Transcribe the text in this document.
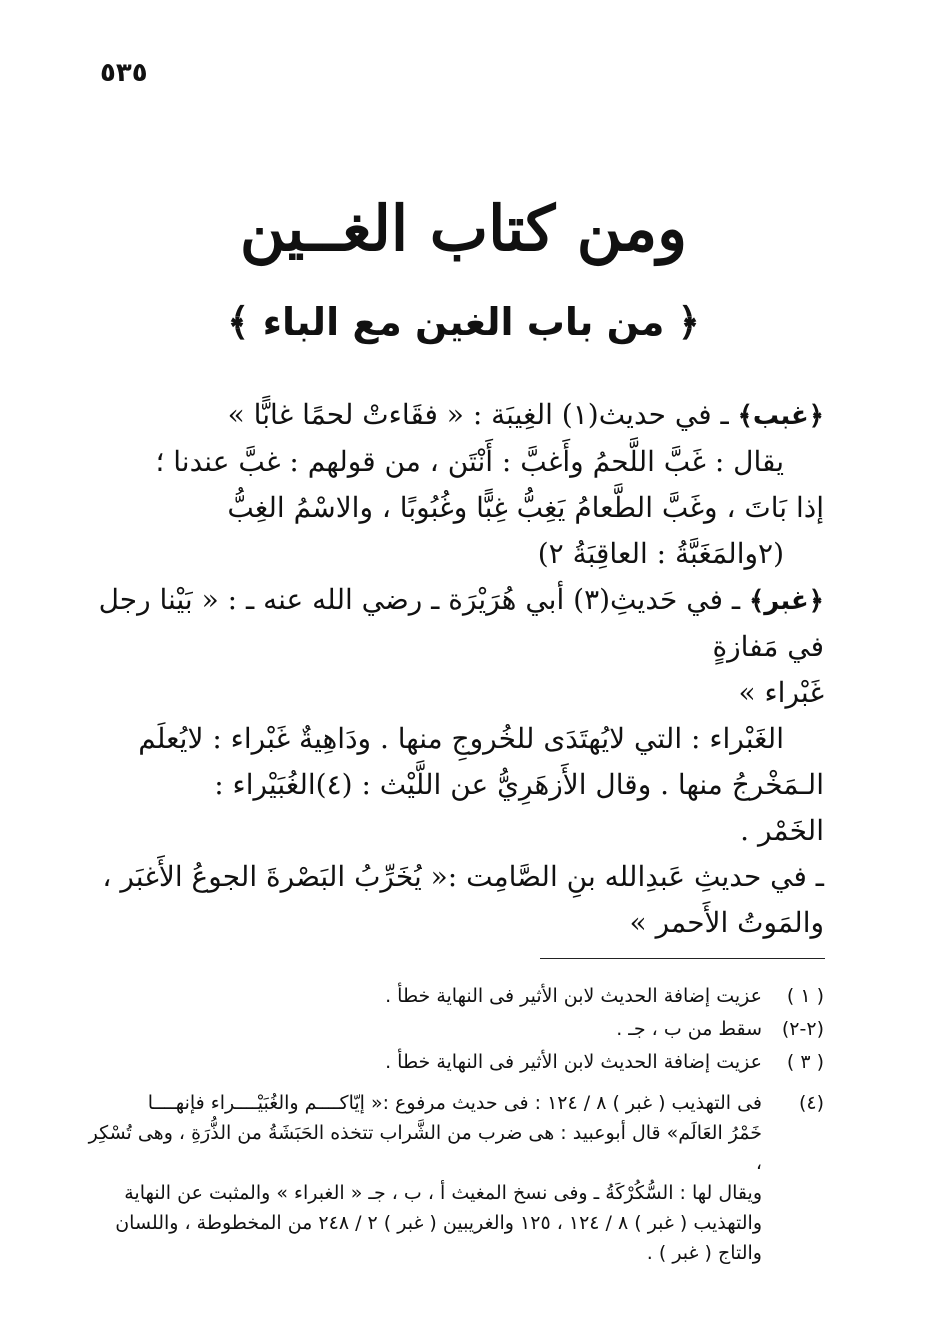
٥٣٥
ومن كتاب الغــين
﴿ من باب الغين مع الباء ﴾
﴿غبب﴾ ـ في حديث(١) الغِيبَة : « فقَاءتْ لحمًا غابًّا »
يقال : غَبَّ اللَّحمُ وأَغبَّ : أَنْتَن ، من قولهم : غبَّ عندنا ؛
إذا بَاتَ ، وغَبَّ الطَّعامُ يَغِبُّ غِبًّا وغُبُوبًا ، والاسْمُ الغِبُّ
(٢والمَغَبَّةُ : العاقِبَةُ ٢)
﴿غبر﴾ ـ في حَديثِ(٣) أبي هُرَيْرَة ـ رضي الله عنه ـ : « بَيْنا رجل في مَفازةٍ
غَبْراء »
الغَبْراء : التي لايُهتَدَى للخُروجِ منها . ودَاهِيةٌ غَبْراء : لايُعلَم
الـمَخْرجُ منها . وقال الأَزهَرِيُّ عن اللَّيْث : (٤)الغُبَيْراء :
الخَمْر .
ـ في حديثِ عَبدِالله بنِ الصَّامِت :« يُخَرِّبُ البَصْرةَ الجوعُ الأَغبَر ،
والمَوتُ الأَحمر »
( ١ )
عزيت إضافة الحديث لابن الأثير فى النهاية خطأ .
(٢-٢)
سقط من ب ، جـ .
( ٣ )
عزيت إضافة الحديث لابن الأثير فى النهاية خطأ .
(٤)
فى التهذيب ( غبر ) ٨ / ١٢٤ : فى حديث مرفوع :« إيّاكــــم والغُبَيْــــراء فإنهــــا
خَمْرُ العَالَم» قال أبوعبيد : هى ضرب من الشَّراب تتخذه الحَبَشَةُ من الذُّرَةِ ، وهى تُسْكِر ،
ويقال لها : السُّكُرْكَةُ ـ وفى نسخ المغيث أ ، ب ، جـ « الغبراء » والمثبت عن النهاية
والتهذيب ( غبر ) ٨ / ١٢٤ ، ١٢٥ والغريبين ( غبر ) ٢ / ٢٤٨ من المخطوطة ، واللسان
والتاج ( غبر ) .
